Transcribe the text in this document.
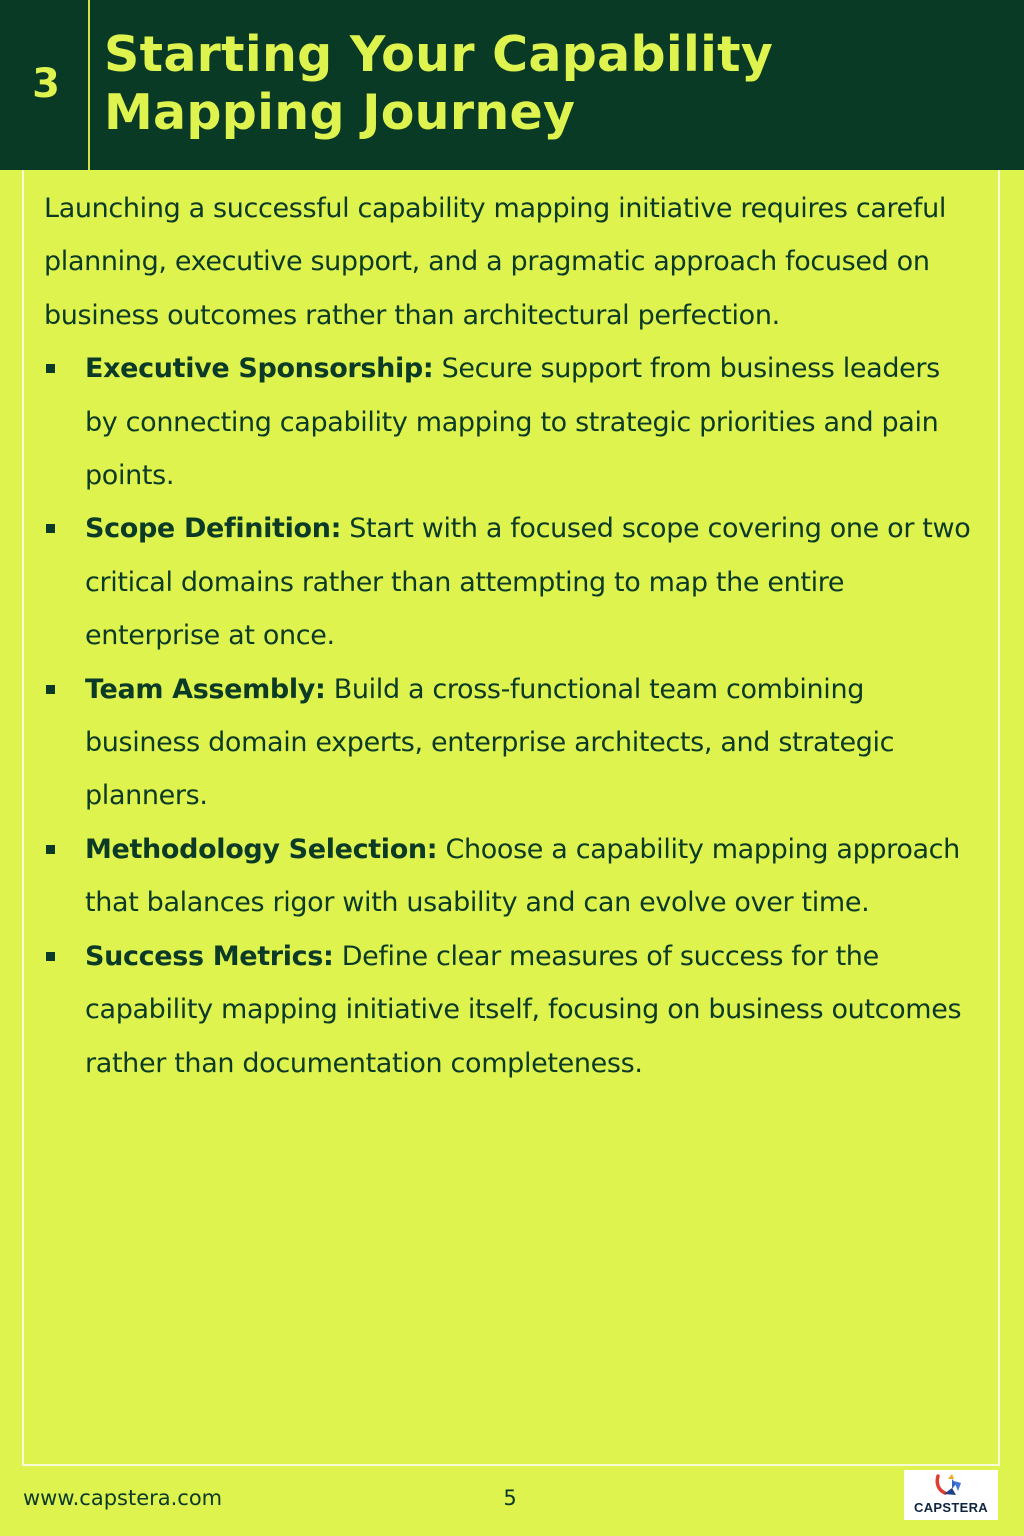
3
Starting Your Capability Mapping Journey

Launching a successful capability mapping initiative requires careful planning, executive support, and a pragmatic approach focused on business outcomes rather than architectural perfection.

Executive Sponsorship: Secure support from business leaders by connecting capability mapping to strategic priorities and pain points.
Scope Definition: Start with a focused scope covering one or two critical domains rather than attempting to map the entire enterprise at once.
Team Assembly: Build a cross-functional team combining business domain experts, enterprise architects, and strategic planners.
Methodology Selection: Choose a capability mapping approach that balances rigor with usability and can evolve over time.
Success Metrics: Define clear measures of success for the capability mapping initiative itself, focusing on business outcomes rather than documentation completeness.
www.capstera.com	5	CAPSTERA
